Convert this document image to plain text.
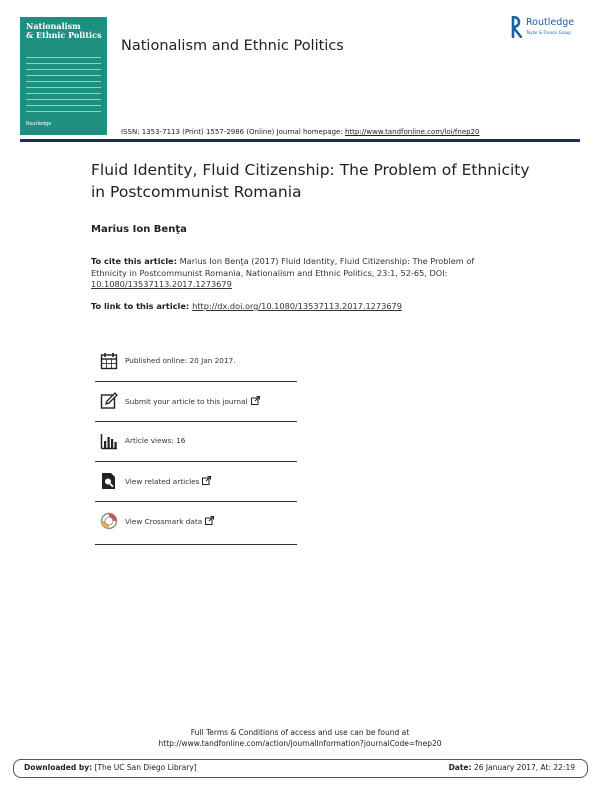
Nationalism
& Ethnic Politics
Routledge
Nationalism and Ethnic Politics
Routledge
Taylor & Francis Group
ISSN: 1353-7113 (Print) 1557-2986 (Online) Journal homepage: http://www.tandfonline.com/loi/fnep20
Fluid Identity, Fluid Citizenship: The Problem of Ethnicity in Postcommunist Romania
Marius Ion Benţa
To cite this article: Marius Ion Benţa (2017) Fluid Identity, Fluid Citizenship: The Problem of Ethnicity in Postcommunist Romania, Nationalism and Ethnic Politics, 23:1, 52-65, DOI: 10.1080/13537113.2017.1273679
To link to this article: http://dx.doi.org/10.1080/13537113.2017.1273679
Published online: 20 Jan 2017.
Submit your article to this journal
Article views: 16
View related articles
View Crossmark data
Full Terms & Conditions of access and use can be found at
http://www.tandfonline.com/action/journalInformation?journalCode=fnep20
Downloaded by: [The UC San Diego Library]	Date: 26 January 2017, At: 22:19
